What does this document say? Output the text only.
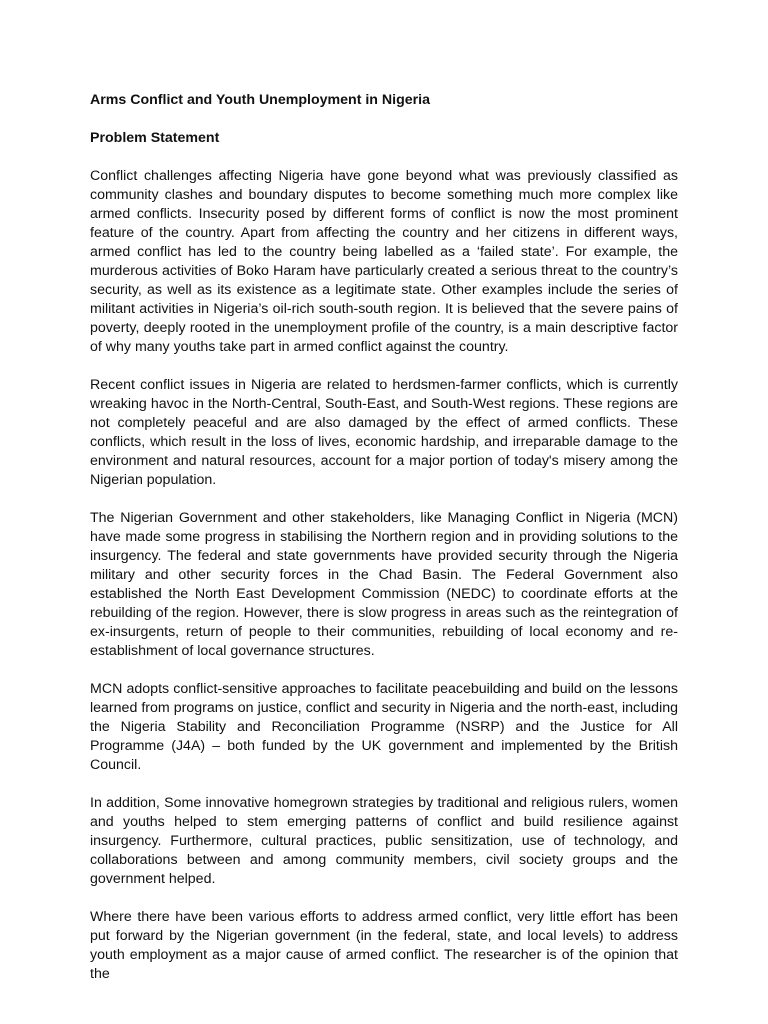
Arms Conflict and Youth Unemployment in Nigeria
Problem Statement

Conflict challenges affecting Nigeria have gone beyond what was previously classified as community clashes and boundary disputes to become something much more complex like armed conflicts. Insecurity posed by different forms of conflict is now the most prominent feature of the country. Apart from affecting the country and her citizens in different ways, armed conflict has led to the country being labelled as a ‘failed state’. For example, the murderous activities of Boko Haram have particularly created a serious threat to the country’s security, as well as its existence as a legitimate state. Other examples include the series of militant activities in Nigeria’s oil-rich south-south region. It is believed that the severe pains of poverty, deeply rooted in the unemployment profile of the country, is a main descriptive factor of why many youths take part in armed conflict against the country.

Recent conflict issues in Nigeria are related to herdsmen-farmer conflicts, which is currently wreaking havoc in the North-Central, South-East, and South-West regions. These regions are not completely peaceful and are also damaged by the effect of armed conflicts. These conflicts, which result in the loss of lives, economic hardship, and irreparable damage to the environment and natural resources, account for a major portion of today's misery among the Nigerian population.

The Nigerian Government and other stakeholders, like Managing Conflict in Nigeria (MCN) have made some progress in stabilising the Northern region and in providing solutions to the insurgency. The federal and state governments have provided security through the Nigeria military and other security forces in the Chad Basin. The Federal Government also established the North East Development Commission (NEDC) to coordinate efforts at the rebuilding of the region. However, there is slow progress in areas such as the reintegration of ex-insurgents, return of people to their communities, rebuilding of local economy and re-establishment of local governance structures.

MCN adopts conflict-sensitive approaches to facilitate peacebuilding and build on the lessons learned from programs on justice, conflict and security in Nigeria and the north-east, including the Nigeria Stability and Reconciliation Programme (NSRP) and the Justice for All Programme (J4A) – both funded by the UK government and implemented by the British Council.

In addition, Some innovative homegrown strategies by traditional and religious rulers, women and youths helped to stem emerging patterns of conflict and build resilience against insurgency. Furthermore, cultural practices, public sensitization, use of technology, and collaborations between and among community members, civil society groups and the government helped.

Where there have been various efforts to address armed conflict, very little effort has been put forward by the Nigerian government (in the federal, state, and local levels) to address youth employment as a major cause of armed conflict. The researcher is of the opinion that the
